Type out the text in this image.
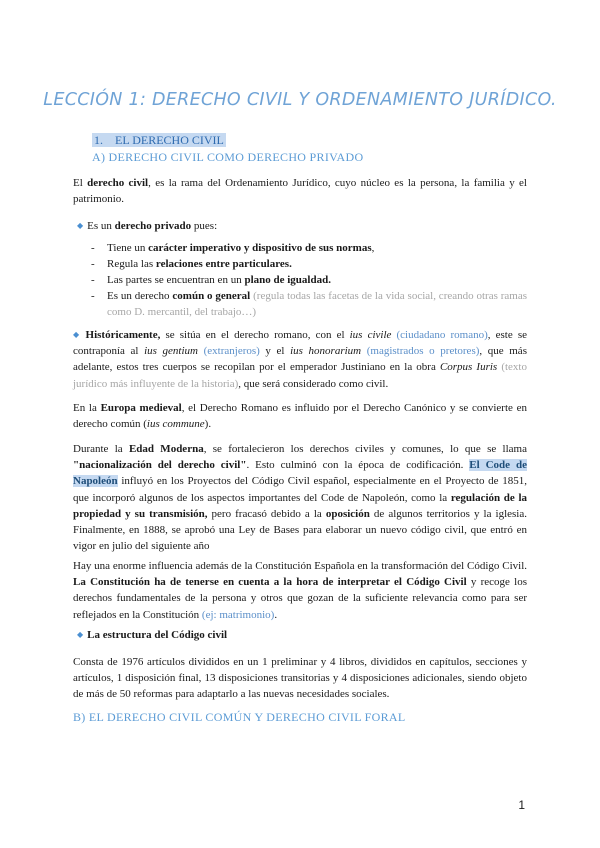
LECCIÓN 1: DERECHO CIVIL Y ORDENAMIENTO JURÍDICO.
1. EL DERECHO CIVIL
A) DERECHO CIVIL COMO DERECHO PRIVADO

El derecho civil, es la rama del Ordenamiento Jurídico, cuyo núcleo es la persona, la familia y el patrimonio.

◆ Es un derecho privado pues:
- Tiene un carácter imperativo y dispositivo de sus normas,
- Regula las relaciones entre particulares.
- Las partes se encuentran en un plano de igualdad.
- Es un derecho común o general (regula todas las facetas de la vida social, creando otras ramas como D. mercantil, del trabajo…)

◆ Históricamente, se sitúa en el derecho romano, con el ius civile (ciudadano romano), este se contraponía al ius gentium (extranjeros) y el ius honorarium (magistrados o pretores), que más adelante, estos tres cuerpos se recopilan por el emperador Justiniano en la obra Corpus Iuris (texto jurídico más influyente de la historia), que será considerado como civil.

En la Europa medieval, el Derecho Romano es influido por el Derecho Canónico y se convierte en derecho común (ius commune).

Durante la Edad Moderna, se fortalecieron los derechos civiles y comunes, lo que se llama "nacionalización del derecho civil". Esto culminó con la época de codificación. El Code de Napoleón influyó en los Proyectos del Código Civil español, especialmente en el Proyecto de 1851, que incorporó algunos de los aspectos importantes del Code de Napoleón, como la regulación de la propiedad y su transmisión, pero fracasó debido a la oposición de algunos territorios y la iglesia. Finalmente, en 1888, se aprobó una Ley de Bases para elaborar un nuevo código civil, que entró en vigor en julio del siguiente año

Hay una enorme influencia además de la Constitución Española en la transformación del Código Civil. La Constitución ha de tenerse en cuenta a la hora de interpretar el Código Civil y recoge los derechos fundamentales de la persona y otros que gozan de la suficiente relevancia como para ser reflejados en la Constitución (ej: matrimonio).

◆ La estructura del Código civil

Consta de 1976 artículos divididos en un 1 preliminar y 4 libros, divididos en capítulos, secciones y artículos, 1 disposición final, 13 disposiciones transitorias y 4 disposiciones adicionales, siendo objeto de más de 50 reformas para adaptarlo a las nuevas necesidades sociales.

B) EL DERECHO CIVIL COMÚN Y DERECHO CIVIL FORAL
1
